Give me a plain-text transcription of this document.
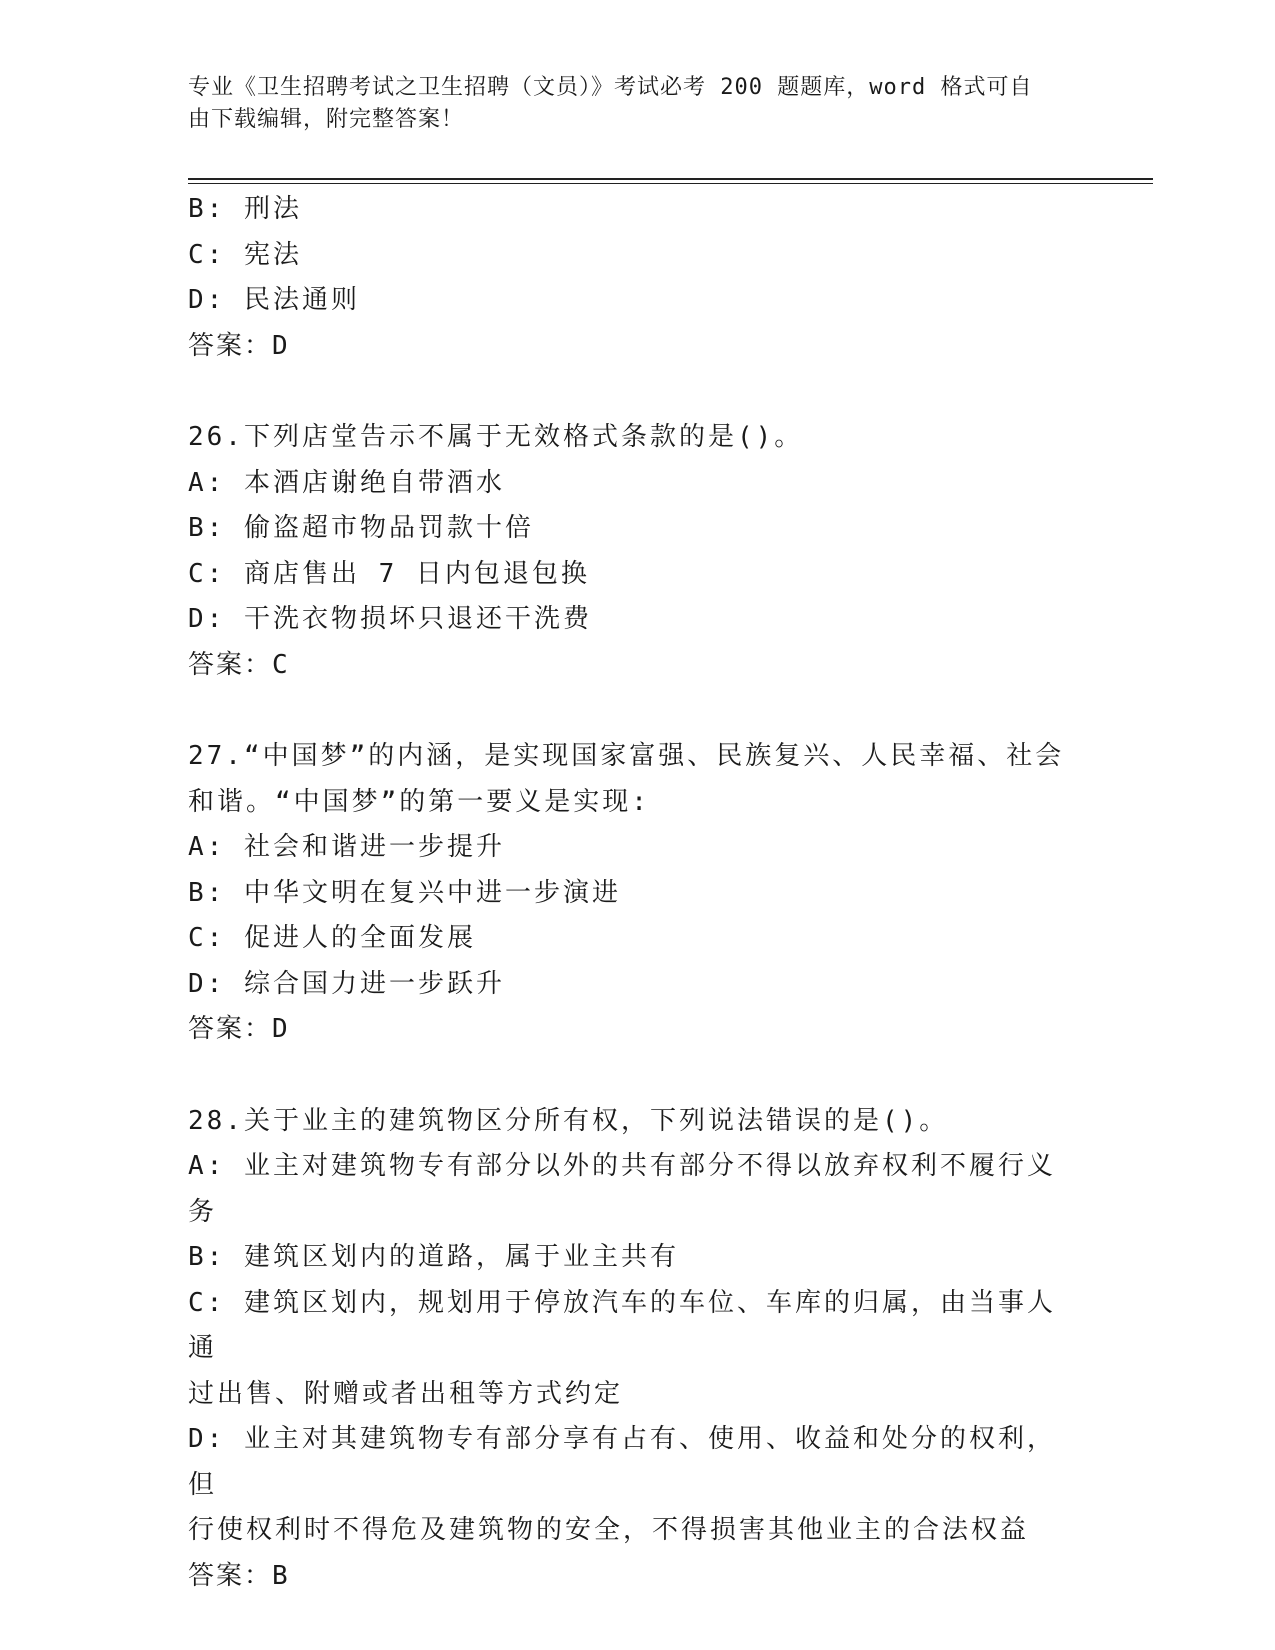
专业《卫生招聘考试之卫生招聘（文员）》考试必考 200 题题库，word 格式可自
由下载编辑，附完整答案！
B: 刑法
C: 宪法
D: 民法通则
答案：D
26.下列店堂告示不属于无效格式条款的是()。
A: 本酒店谢绝自带酒水
B: 偷盗超市物品罚款十倍
C: 商店售出 7 日内包退包换
D: 干洗衣物损坏只退还干洗费
答案：C
27.“中国梦”的内涵，是实现国家富强、民族复兴、人民幸福、社会
和谐。“中国梦”的第一要义是实现:
A: 社会和谐进一步提升
B: 中华文明在复兴中进一步演进
C: 促进人的全面发展
D: 综合国力进一步跃升
答案：D
28.关于业主的建筑物区分所有权，下列说法错误的是()。
A: 业主对建筑物专有部分以外的共有部分不得以放弃权利不履行义务
B: 建筑区划内的道路，属于业主共有
C: 建筑区划内，规划用于停放汽车的车位、车库的归属，由当事人通
过出售、附赠或者出租等方式约定
D: 业主对其建筑物专有部分享有占有、使用、收益和处分的权利，但
行使权利时不得危及建筑物的安全，不得损害其他业主的合法权益
答案：B
